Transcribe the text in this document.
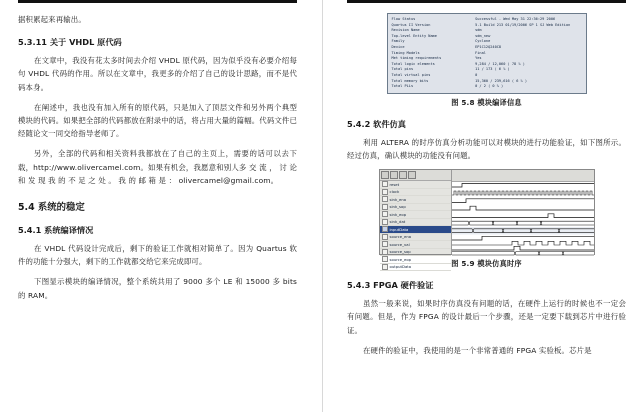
据积累起来再输出。

5.3.11 关于 VHDL 原代码

在文章中，我没有花太多时间去介绍 VHDL 原代码，因为似乎没有必要介绍每句 VHDL 代码的作用。所以在文章中，我更多的介绍了自己的设计思路，而不是代码本身。

在阐述中，我也没有加入所有的原代码，只是加入了顶层文件和另外两个典型模块的代码。如果把全部的代码都放在附录中的话，将占用大量的篇幅。代码文件已经随论文一同交给指导老师了。

另外，全部的代码和相关资料我都放在了自己的主页上，需要的话可以去下载，http://www.olivercamel.com。如果有机会，我愿意和别人多 交 流 ， 讨 论 和 发 现 我 的 不 足 之 处 。 我 的 邮 箱 是 ： olivercamel@gmail.com。

5.4 系统的稳定
5.4.1 系统编译情况

在 VHDL 代码设计完成后，剩下的验证工作就相对简单了。因为 Quartus 软件的功能十分强大，剩下的工作就都交给它来完成即可。

下图显示模块的编译情况，整个系统共用了 9000 多个 LE 和 15000 多 bits 的 RAM。

Flow Status	Successful - Wed May 31 22:36:29 2006
Quartus II Version	5.1 Build 213 01/19/2006 SP 1 SJ Web Edition
Revision Name	sdm
Top-level Entity Name	sdm_new
Family	Cyclone
Device	EP1C12Q240C8
Timing Models	Final
Met timing requirements	Yes
Total logic elements	9,284 / 12,060 ( 78 % )
Total pins	11 / 173 ( 6 % )
Total virtual pins	0
Total memory bits	15,360 / 239,616 ( 6 % )
Total PLLs	0 / 2 ( 0 % )
图 5.8 模块编译信息
5.4.2 软件仿真

利用 ALTERA 的时序仿真分析功能可以对模块的进行功能验证，如下图所示。经过仿真，确认模块的功能没有问题。

reset
clock
sink_ena
sink_sop
sink_eop
sink_dat
inputData
source_ena
source_val
source_sop
source_eop
outputData	图 5.9 模块仿真时序
5.4.3 FPGA 硬件验证

虽然一般来说，如果时序仿真没有问题的话，在硬件上运行的时候也不一定会有问题。但是，作为 FPGA 的设计最后一个步骤，还是一定要下载到芯片中进行验证。

在硬件的验证中，我使用的是一个非常普通的 FPGA 实验板。芯片是
